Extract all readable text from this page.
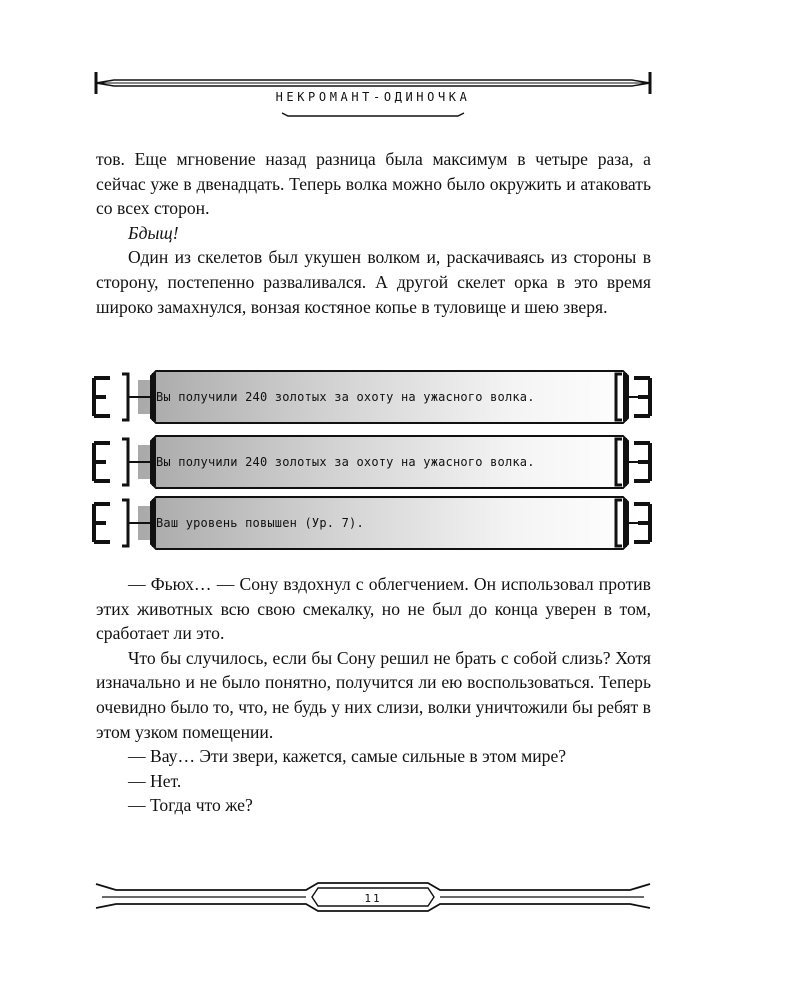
НЕКРОМАНТ-ОДИНОЧКА

тов. Еще мгновение назад разница была максимум в четыре раза, а сейчас уже в двенадцать. Теперь волка можно было окружить и атаковать со всех сторон.

Бдыщ!

Один из скелетов был укушен волком и, раскачиваясь из стороны в сторону, постепенно разваливался. А другой скелет орка в это время широко замахнулся, вонзая костяное копье в туловище и шею зверя.

Вы получили 240 золотых за охоту на ужасного волка.
Вы получили 240 золотых за охоту на ужасного волка.
Ваш уровень повышен (Ур. 7).

— Фьюх… — Сону вздохнул с облегчением. Он использовал против этих животных всю свою смекалку, но не был до конца уверен в том, сработает ли это.

Что бы случилось, если бы Сону решил не брать с собой слизь? Хотя изначально и не было понятно, получится ли ею воспользоваться. Теперь очевидно было то, что, не будь у них слизи, волки уничтожили бы ребят в этом узком помещении.

— Вау… Эти звери, кажется, самые сильные в этом мире?

— Нет.

— Тогда что же?

11
